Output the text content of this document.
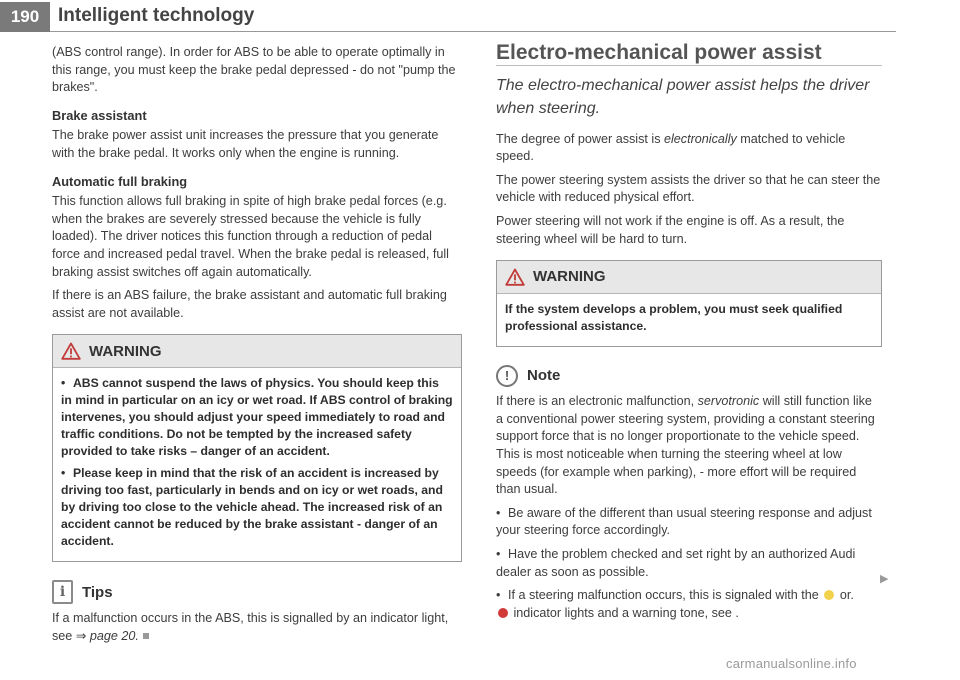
190 Intelligent technology

(ABS control range). In order for ABS to be able to operate optimally in this range, you must keep the brake pedal depressed - do not "pump the brakes".

Brake assistant

The brake power assist unit increases the pressure that you generate with the brake pedal. It works only when the engine is running.

Automatic full braking

This function allows full braking in spite of high brake pedal forces (e.g. when the brakes are severely stressed because the vehicle is fully loaded). The driver notices this function through a reduction of pedal force and increased pedal travel. When the brake pedal is released, full braking assist switches off again automatically.

If there is an ABS failure, the brake assistant and automatic full braking assist are not available.

WARNING

• ABS cannot suspend the laws of physics. You should keep this in mind in particular on an icy or wet road. If ABS control of braking intervenes, you should adjust your speed immediately to road and traffic conditions. Do not be tempted by the increased safety provided to take risks – danger of an accident.

• Please keep in mind that the risk of an accident is increased by driving too fast, particularly in bends and on icy or wet roads, and by driving too close to the vehicle ahead. The increased risk of an accident cannot be reduced by the brake assistant - danger of an accident.

i	Tips

If a malfunction occurs in the ABS, this is signalled by an indicator light, see ⇒ page 20.

Electro-mechanical power assist
The electro-mechanical power assist helps the driver when steering.

The degree of power assist is electronically matched to vehicle speed.

The power steering system assists the driver so that he can steer the vehicle with reduced physical effort.

Power steering will not work if the engine is off. As a result, the steering wheel will be hard to turn.

WARNING

If the system develops a problem, you must seek qualified professional assistance.

!	Note

If there is an electronic malfunction, servotronic will still function like a conventional power steering system, providing a constant steering support force that is no longer proportionate to the vehicle speed. This is most noticeable when turning the steering wheel at low speeds (for example when parking), - more effort will be required than usual.

• Be aware of the different than usual steering response and adjust your steering force accordingly.

• Have the problem checked and set right by an authorized Audi dealer as soon as possible.

• If a steering malfunction occurs, this is signaled with the or.
indicator lights and a warning tone, see .

▶
carmanualsonline.info
